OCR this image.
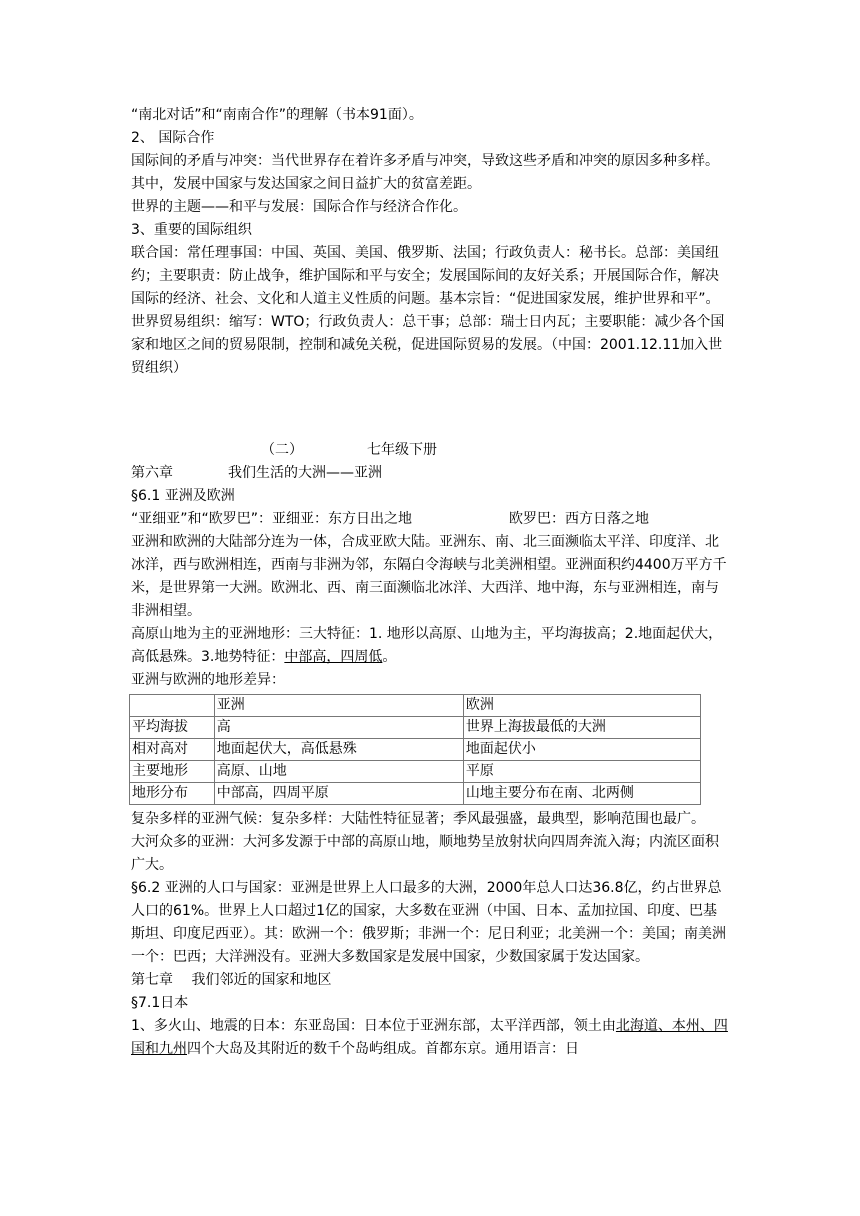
“南北对话”和“南南合作”的理解（书本91面）。

2、 国际合作

国际间的矛盾与冲突：当代世界存在着许多矛盾与冲突，导致这些矛盾和冲突的原因多种多样。其中，发展中国家与发达国家之间日益扩大的贫富差距。

世界的主题——和平与发展：国际合作与经济合作化。

3、重要的国际组织

联合国：常任理事国：中国、英国、美国、俄罗斯、法国；行政负责人：秘书长。总部：美国纽约；主要职责：防止战争，维护国际和平与安全；发展国际间的友好关系；开展国际合作，解决国际的经济、社会、文化和人道主义性质的问题。基本宗旨：“促进国家发展，维护世界和平”。

世界贸易组织：缩写：WTO；行政负责人：总干事；总部：瑞士日内瓦；主要职能：减少各个国家和地区之间的贸易限制，控制和减免关税，促进国际贸易的发展。（中国：2001.12.11加入世贸组织）

（二）	七年级下册

第六章	我们生活的大洲——亚洲

§6.1 亚洲及欧洲

“亚细亚”和“欧罗巴”：亚细亚：东方日出之地	欧罗巴：西方日落之地

亚洲和欧洲的大陆部分连为一体，合成亚欧大陆。亚洲东、南、北三面濒临太平洋、印度洋、北冰洋，西与欧洲相连，西南与非洲为邻，东隔白令海峡与北美洲相望。亚洲面积约4400万平方千米，是世界第一大洲。欧洲北、西、南三面濒临北冰洋、大西洋、地中海，东与亚洲相连，南与非洲相望。

高原山地为主的亚洲地形：三大特征：1. 地形以高原、山地为主，平均海拔高；2.地面起伏大，高低悬殊。3.地势特征：中部高，四周低。

亚洲与欧洲的地形差异：

	亚洲	欧洲
平均海拔	高	世界上海拔最低的大洲
相对高对	地面起伏大，高低悬殊	地面起伏小
主要地形	高原、山地	平原
地形分布	中部高，四周平原	山地主要分布在南、北两侧

复杂多样的亚洲气候：复杂多样：大陆性特征显著；季风最强盛，最典型，影响范围也最广。

大河众多的亚洲：大河多发源于中部的高原山地，顺地势呈放射状向四周奔流入海；内流区面积广大。

§6.2 亚洲的人口与国家：亚洲是世界上人口最多的大洲，2000年总人口达36.8亿，约占世界总人口的61%。世界上人口超过1亿的国家，大多数在亚洲（中国、日本、孟加拉国、印度、巴基斯坦、印度尼西亚）。其：欧洲一个：俄罗斯；非洲一个：尼日利亚；北美洲一个：美国；南美洲一个：巴西；大洋洲没有。亚洲大多数国家是发展中国家，少数国家属于发达国家。

第七章　 我们邻近的国家和地区

§7.1日本

1、多火山、地震的日本：东亚岛国：日本位于亚洲东部，太平洋西部，领土由北海道、本州、四国和九州四个大岛及其附近的数千个岛屿组成。首都东京。通用语言：日
